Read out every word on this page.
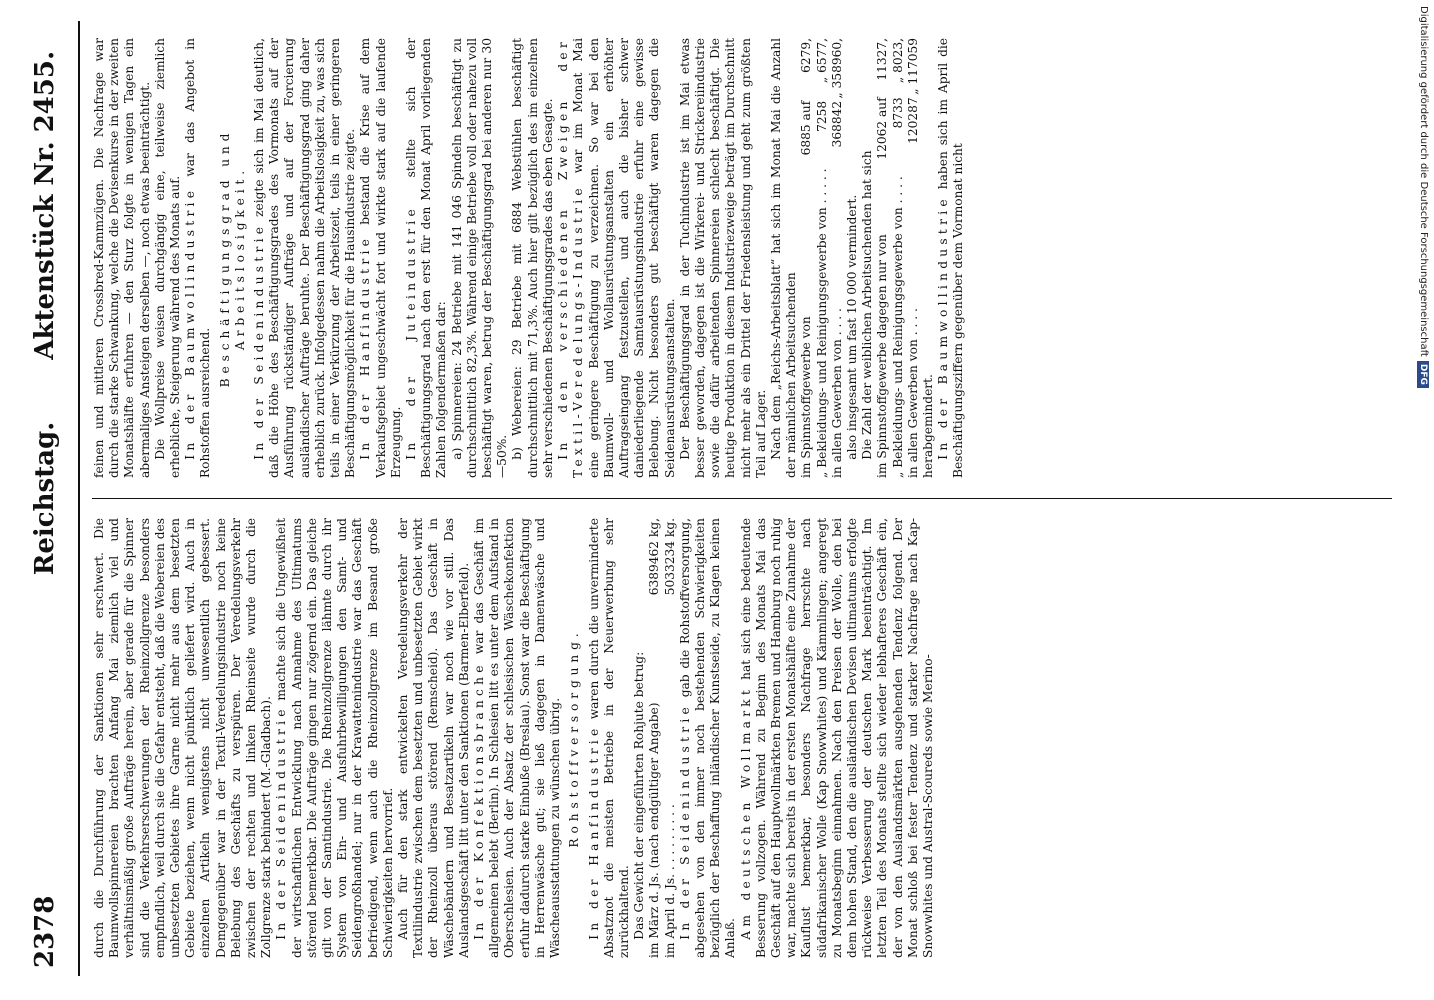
2378
Reichstag.
Aktenstück Nr. 2455.

durch die Durchführung der Sanktionen sehr erschwert. Die Baumwollspinnereien brachten Anfang Mai ziemlich viel und verhältnismäßig große Aufträge herein, aber gerade für die Spinner sind die Verkehrserschwerungen der Rheinzollgrenze besonders empfindlich, weil durch sie die Gefahr entsteht, daß die Webereien des unbesetzten Gebietes ihre Garne nicht mehr aus dem besetzten Gebiete beziehen, wenn nicht pünktlich geliefert wird. Auch in einzelnen Artikeln wenigstens nicht unwesentlich gebessert. Demgegenüber war in der Textil-Veredelungsindustrie noch keine Belebung des Geschäfts zu verspüren. Der Veredelungsverkehr zwischen der rechten und linken Rheinseite wurde durch die Zollgrenze stark behindert (M.-Gladbach). In der Seidenindustrie machte sich die Ungewißheit der wirtschaftlichen Entwicklung nach Annahme des Ultimatums störend bemerkbar. Die Aufträge gingen nur zögernd ein. Das gleiche gilt von der Samtindustrie. Die Rheinzollgrenze lähmte durch ihr System von Ein- und Ausfuhrbewilligungen den Samt- und Seidengroßhandel; nur in der Krawattenindustrie war das Geschäft befriedigend, wenn auch die Rheinzollgrenze im Besand große Schwierigkeiten hervorrief. Auch für den stark entwickelten Veredelungsverkehr der Textilindustrie zwischen dem besetzten und unbesetzten Gebiet wirkt der Rheinzoll überaus störend (Remscheid). Das Geschäft in Wäschebändern und Besatzartikeln war noch wie vor still. Das Auslandsgeschäft litt unter den Sanktionen (Barmen-Elberfeld). In der Konfektionsbranche war das Geschäft im allgemeinen belebt (Berlin). In Schlesien litt es unter dem Aufstand in Oberschlesien. Auch der Absatz der schlesischen Wäschekonfektion erfuhr dadurch starke Einbuße (Breslau). Sonst war die Beschäftigung in Herrenwäsche gut; sie ließ dagegen in Damenwäsche und Wäscheausstattungen zu wünschen übrig. Rohstoffversorgung. In der Hanfindustrie waren durch die unverminderte Absatznot die meisten Betriebe in der Neuerwerbung sehr zurückhaltend. Das Gewicht der eingeführten Rohjute betrug: im März d. Js. (nach endgültiger Angabe)	6389462 kg,
im April d. Js. . . . . . . . . .	5033234 kg.

In der Seidenindustrie gab die Rohstoffversorgung, abgesehen von den immer noch bestehenden Schwierigkeiten bezüglich der Beschaffung inländischer Kunstseide, zu Klagen keinen Anlaß. Am deutschen Wollmarkt hat sich eine bedeutende Besserung vollzogen. Während zu Beginn des Monats Mai das Geschäft auf den Hauptwollmärkten Bremen und Hamburg noch ruhig war, machte sich bereits in der ersten Monatshälfte eine Zunahme der Kauflust bemerkbar, besonders Nachfrage herrschte nach südafrikanischer Wolle (Kap Snowwhites) und Kämmlingen; angeregt zu Monatsbeginn einnahmen. Nach den Preisen der Wolle, den bei dem hohen Stand, den die ausländischen Devisen ultimatums erfolgte rückweise Verbesserung der deutschen Mark beeinträchtigt. Im letzten Teil des Monats stellte sich wieder lebhafteres Geschäft ein, der von den Auslandsmärkten ausgehenden Tendenz folgend. Der Monat schloß bei fester Tendenz und starker Nachfrage nach Kap-Snowwhites und Austral-Scoureds sowie Merino-

feinen und mittleren Crossbred-Kammzügen. Die Nachfrage war durch die starke Schwankung, welche die Devisenkurse in der zweiten Monatshälfte erfuhren — den Sturz folgte in wenigen Tagen ein abermaliges Ansteigen derselben —, noch etwas beeinträchtigt. Die Wollpreise weisen durchgängig eine, teilweise ziemlich erhebliche, Steigerung während des Monats auf. In der Baumwollindustrie war das Angebot in Rohstoffen ausreichend.

Beschäftigungsgrad und Arbeitslosigkeit. In der Seidenindustrie zeigte sich im Mai deutlich, daß die Höhe des Beschäftigungsgrades des Vormonats auf der Ausführung rückständiger Aufträge und auf der Forcierung ausländischer Aufträge beruhte. Der Beschäftigungsgrad ging daher erheblich zurück. Infolgedessen nahm die Arbeitslosigkeit zu, was sich teils in einer Verkürzung der Arbeitszeit, teils in einer geringeren Beschäftigungsmöglichkeit für die Hausindustrie zeigte. In der Hanfindustrie bestand die Krise auf dem Verkaufsgebiet ungeschwächt fort und wirkte stark auf die laufende Erzeugung. In der Juteindustrie stellte sich der Beschäftigungsgrad nach den erst für den Monat April vorliegenden Zahlen folgendermaßen dar: a) Spinnereien: 24 Betriebe mit 141 046 Spindeln beschäftigt zu durchschnittlich 82,3%. Während einige Betriebe voll oder nahezu voll beschäftigt waren, betrug der Beschäftigungsgrad bei anderen nur 30—50%. b) Webereien: 29 Betriebe mit 6884 Webstühlen beschäftigt durchschnittlich mit 71,3%. Auch hier gilt bezüglich des im einzelnen sehr verschiedenen Beschäftigungsgrades das eben Gesagte. In den verschiedenen Zweigen der Textil-Veredelungs-Industrie war im Monat Mai eine geringere Beschäftigung zu verzeichnen. So war bei den Baumwoll- und Wollausrüstungsanstalten ein erhöhter Auftragseingang festzustellen, und auch die bisher schwer daniederliegende Samtausrüstungsindustrie erfuhr eine gewisse Belebung. Nicht besonders gut beschäftigt waren dagegen die Seidenausrüstungsanstalten. Der Beschäftigungsgrad in der Tuchindustrie ist im Mai etwas besser geworden, dagegen ist die Wirkerei- und Strickereiindustrie sowie die dafür arbeitenden Spinnereien schlecht beschäftigt. Die heutige Produktion in diesem Industriezweige beträgt im Durchschnitt nicht mehr als ein Drittel der Friedensleistung und geht zum größten Teil auf Lager. Nach dem „Reichs-Arbeitsblatt“ hat sich im Monat Mai die Anzahl der männlichen Arbeitsuchenden im Spinnstoffgewerbe von	6885 auf	6279,
„ Bekleidungs- und Reinigungsgewerbe von . . . . .	7258	„ 6577,
in allen Gewerben von . . . .	368842	„ 358960,

also insgesamt um fast 10 000 vermindert. Die Zahl der weiblichen Arbeitsuchenden hat sich im Spinnstoffgewerbe dagegen nur von	12062 auf	11327,
„ Bekleidungs- und Reinigungsgewerbe von . . . .	8733	„ 8023,
in allen Gewerben von . . . .	120287	„ 117059

herabgemindert. In der Baumwollindustrie haben sich im April die Beschäftigungsziffern gegenüber dem Vormonat nicht	Digitalisierung gefördert durch die Deutsche ForschungsgemeinschaftDFG
